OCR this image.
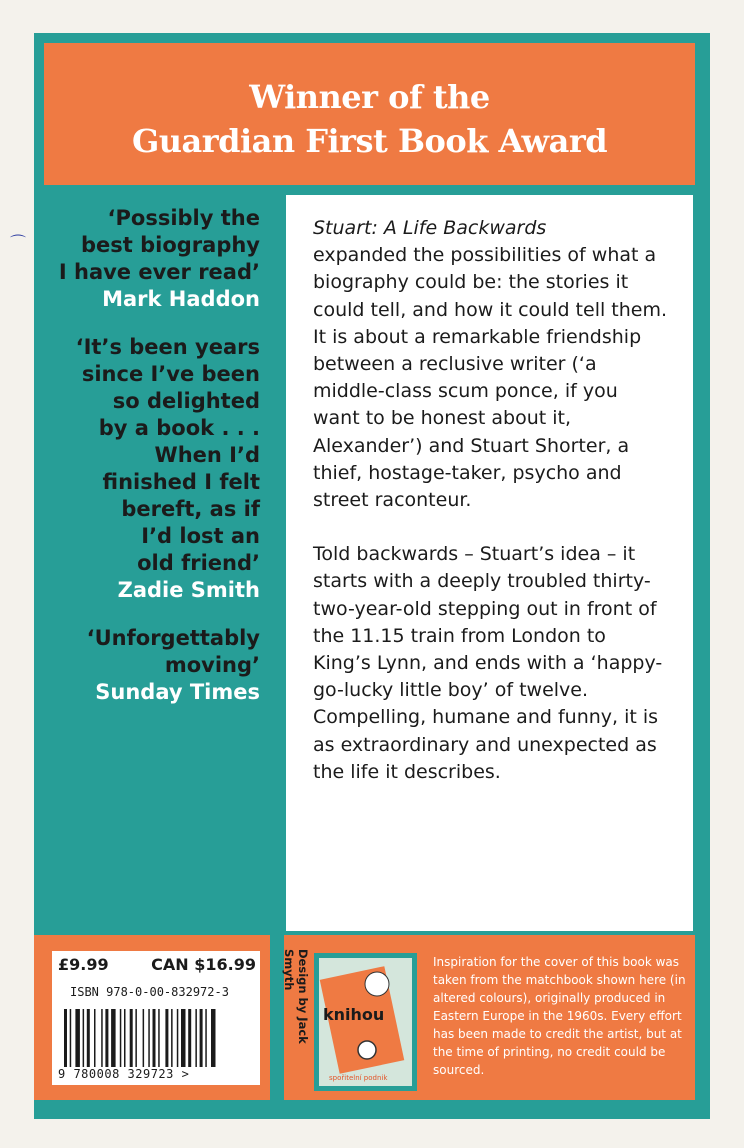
⌒
Winner of the
Guardian First Book Award
‘Possibly the
best biography
I have ever read’
Mark Haddon
‘It’s been years
since I’ve been
so delighted
by a book . . .
When I’d
finished I felt
bereft, as if
I’d lost an
old friend’
Zadie Smith
‘Unforgettably
moving’
Sunday Times

Stuart: A Life Backwards
expanded the possibilities of what a biography could be: the stories it could tell, and how it could tell them. It is about a remarkable friendship between a reclusive writer (‘a middle-class scum ponce, if you want to be honest about it, Alexander’) and Stuart Shorter, a thief, hostage-taker, psycho and street raconteur.

Told backwards – Stuart’s idea – it starts with a deeply troubled thirty-two-year-old stepping out in front of the 11.15 train from London to King’s Lynn, and ends with a ‘happy-go-lucky little boy’ of twelve. Compelling, humane and funny, it is as extraordinary and unexpected as the life it describes.

£9.99	CAN $16.99
ISBN 978-0-00-832972-3
9 780008 329723 >
Design by Jack Smyth
knihou
spořitelní podnik
Inspiration for the cover of this book was taken from the matchbook shown here (in altered colours), originally produced in Eastern Europe in the 1960s. Every effort has been made to credit the artist, but at the time of printing, no credit could be sourced.
